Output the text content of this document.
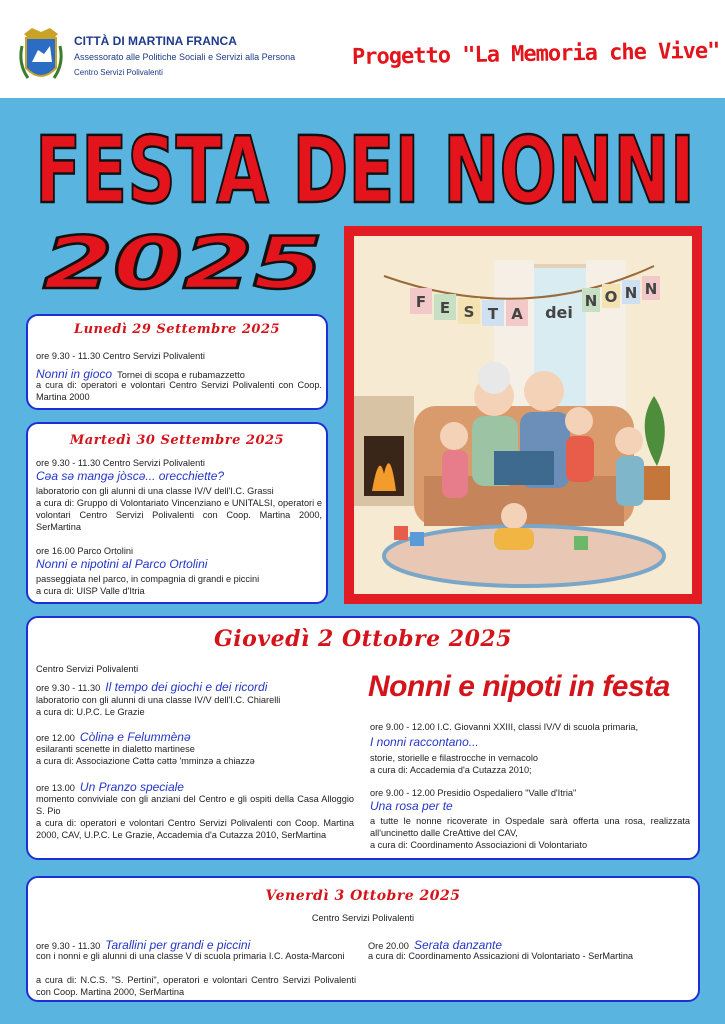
CITTÀ DI MARTINA FRANCA
Assessorato alle Politiche Sociali e Servizi alla Persona
Centro Servizi Polivalenti
Progetto "La Memoria che Vive"
FESTA DEI NONNI
2025	F E S T A dei
N O N N
Lunedì 29 Settembre 2025
ore 9.30 - 11.30 Centro Servizi Polivalenti
Nonni in gioco Tornei di scopa e rubamazzetto
a cura di: operatori e volontari Centro Servizi Polivalenti con Coop. Martina 2000
Martedì 30 Settembre 2025
ore 9.30 - 11.30 Centro Servizi Polivalenti
Cəa sə mangə jòscə... orecchiette?
laboratorio con gli alunni di una classe IV/V dell'I.C. Grassi
a cura di: Gruppo di Volontariato Vincenziano e UNITALSI, operatori e volontari Centro Servizi Polivalenti con Coop. Martina 2000, SerMartina
ore 16.00 Parco Ortolini
Nonni e nipotini al Parco Ortolini
passeggiata nel parco, in compagnia di grandi e piccini
a cura di: UISP Valle d'Itria
Giovedì 2 Ottobre 2025
Centro Servizi Polivalenti
ore 9.30 - 11.30 Il tempo dei giochi e dei ricordi
laboratorio con gli alunni di una classe IV/V dell'I.C. Chiarelli
a cura di: U.P.C. Le Grazie
ore 12.00 Còlinə e Felummènə
esilaranti scenette in dialetto martinese
a cura di: Associazione Cəttə cəttə 'mminzə a chiazzə
ore 13.00 Un Pranzo speciale
momento conviviale con gli anziani del Centro e gli ospiti della Casa Alloggio S. Pio
a cura di: operatori e volontari Centro Servizi Polivalenti con Coop. Martina 2000, CAV, U.P.C. Le Grazie, Accademia d'a Cutazza 2010, SerMartina
Nonni e nipoti in festa
ore 9.00 - 12.00 I.C. Giovanni XXIII, classi IV/V di scuola primaria,
I nonni raccontano...
storie, storielle e filastrocche in vernacolo
a cura di: Accademia d'a Cutazza 2010;
ore 9.00 - 12.00 Presidio Ospedaliero "Valle d'Itria"
Una rosa per te
a tutte le nonne ricoverate in Ospedale sarà offerta una rosa, realizzata all'uncinetto dalle CreAttive del CAV,
a cura di: Coordinamento Associazioni di Volontariato
Venerdì 3 Ottobre 2025
Centro Servizi Polivalenti
ore 9.30 - 11.30 Tarallini per grandi e piccini
con i nonni e gli alunni di una classe V di scuola primaria I.C. Aosta-Marconi
a cura di: N.C.S. "S. Pertini", operatori e volontari Centro Servizi Polivalenti con Coop. Martina 2000, SerMartina
Ore 20.00 Serata danzante
a cura di: Coordinamento Assicazioni di Volontariato - SerMartina
